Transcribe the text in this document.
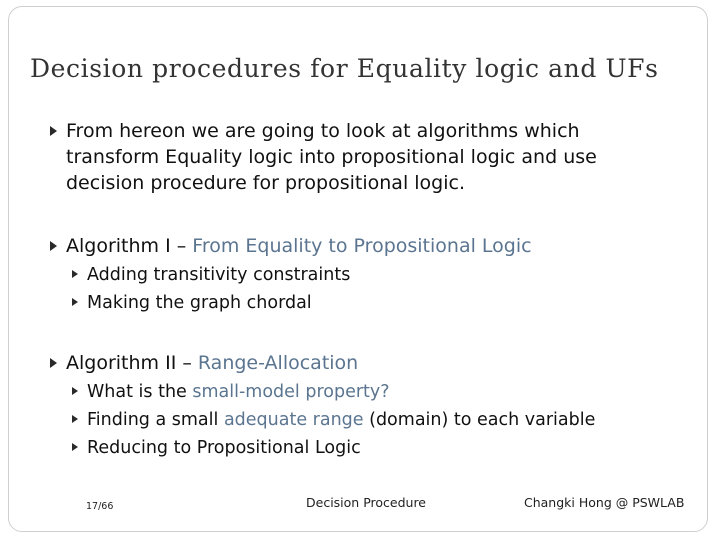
Decision procedures for Equality logic and UFs
From hereon we are going to look at algorithms which
transform Equality logic into propositional logic and use
decision procedure for propositional logic.
Algorithm I – From Equality to Propositional Logic
Adding transitivity constraints
Making the graph chordal
Algorithm II – Range-Allocation
What is the small-model property?
Finding a small adequate range (domain) to each variable
Reducing to Propositional Logic
17/66	Decision Procedure	Changki Hong @ PSWLAB
